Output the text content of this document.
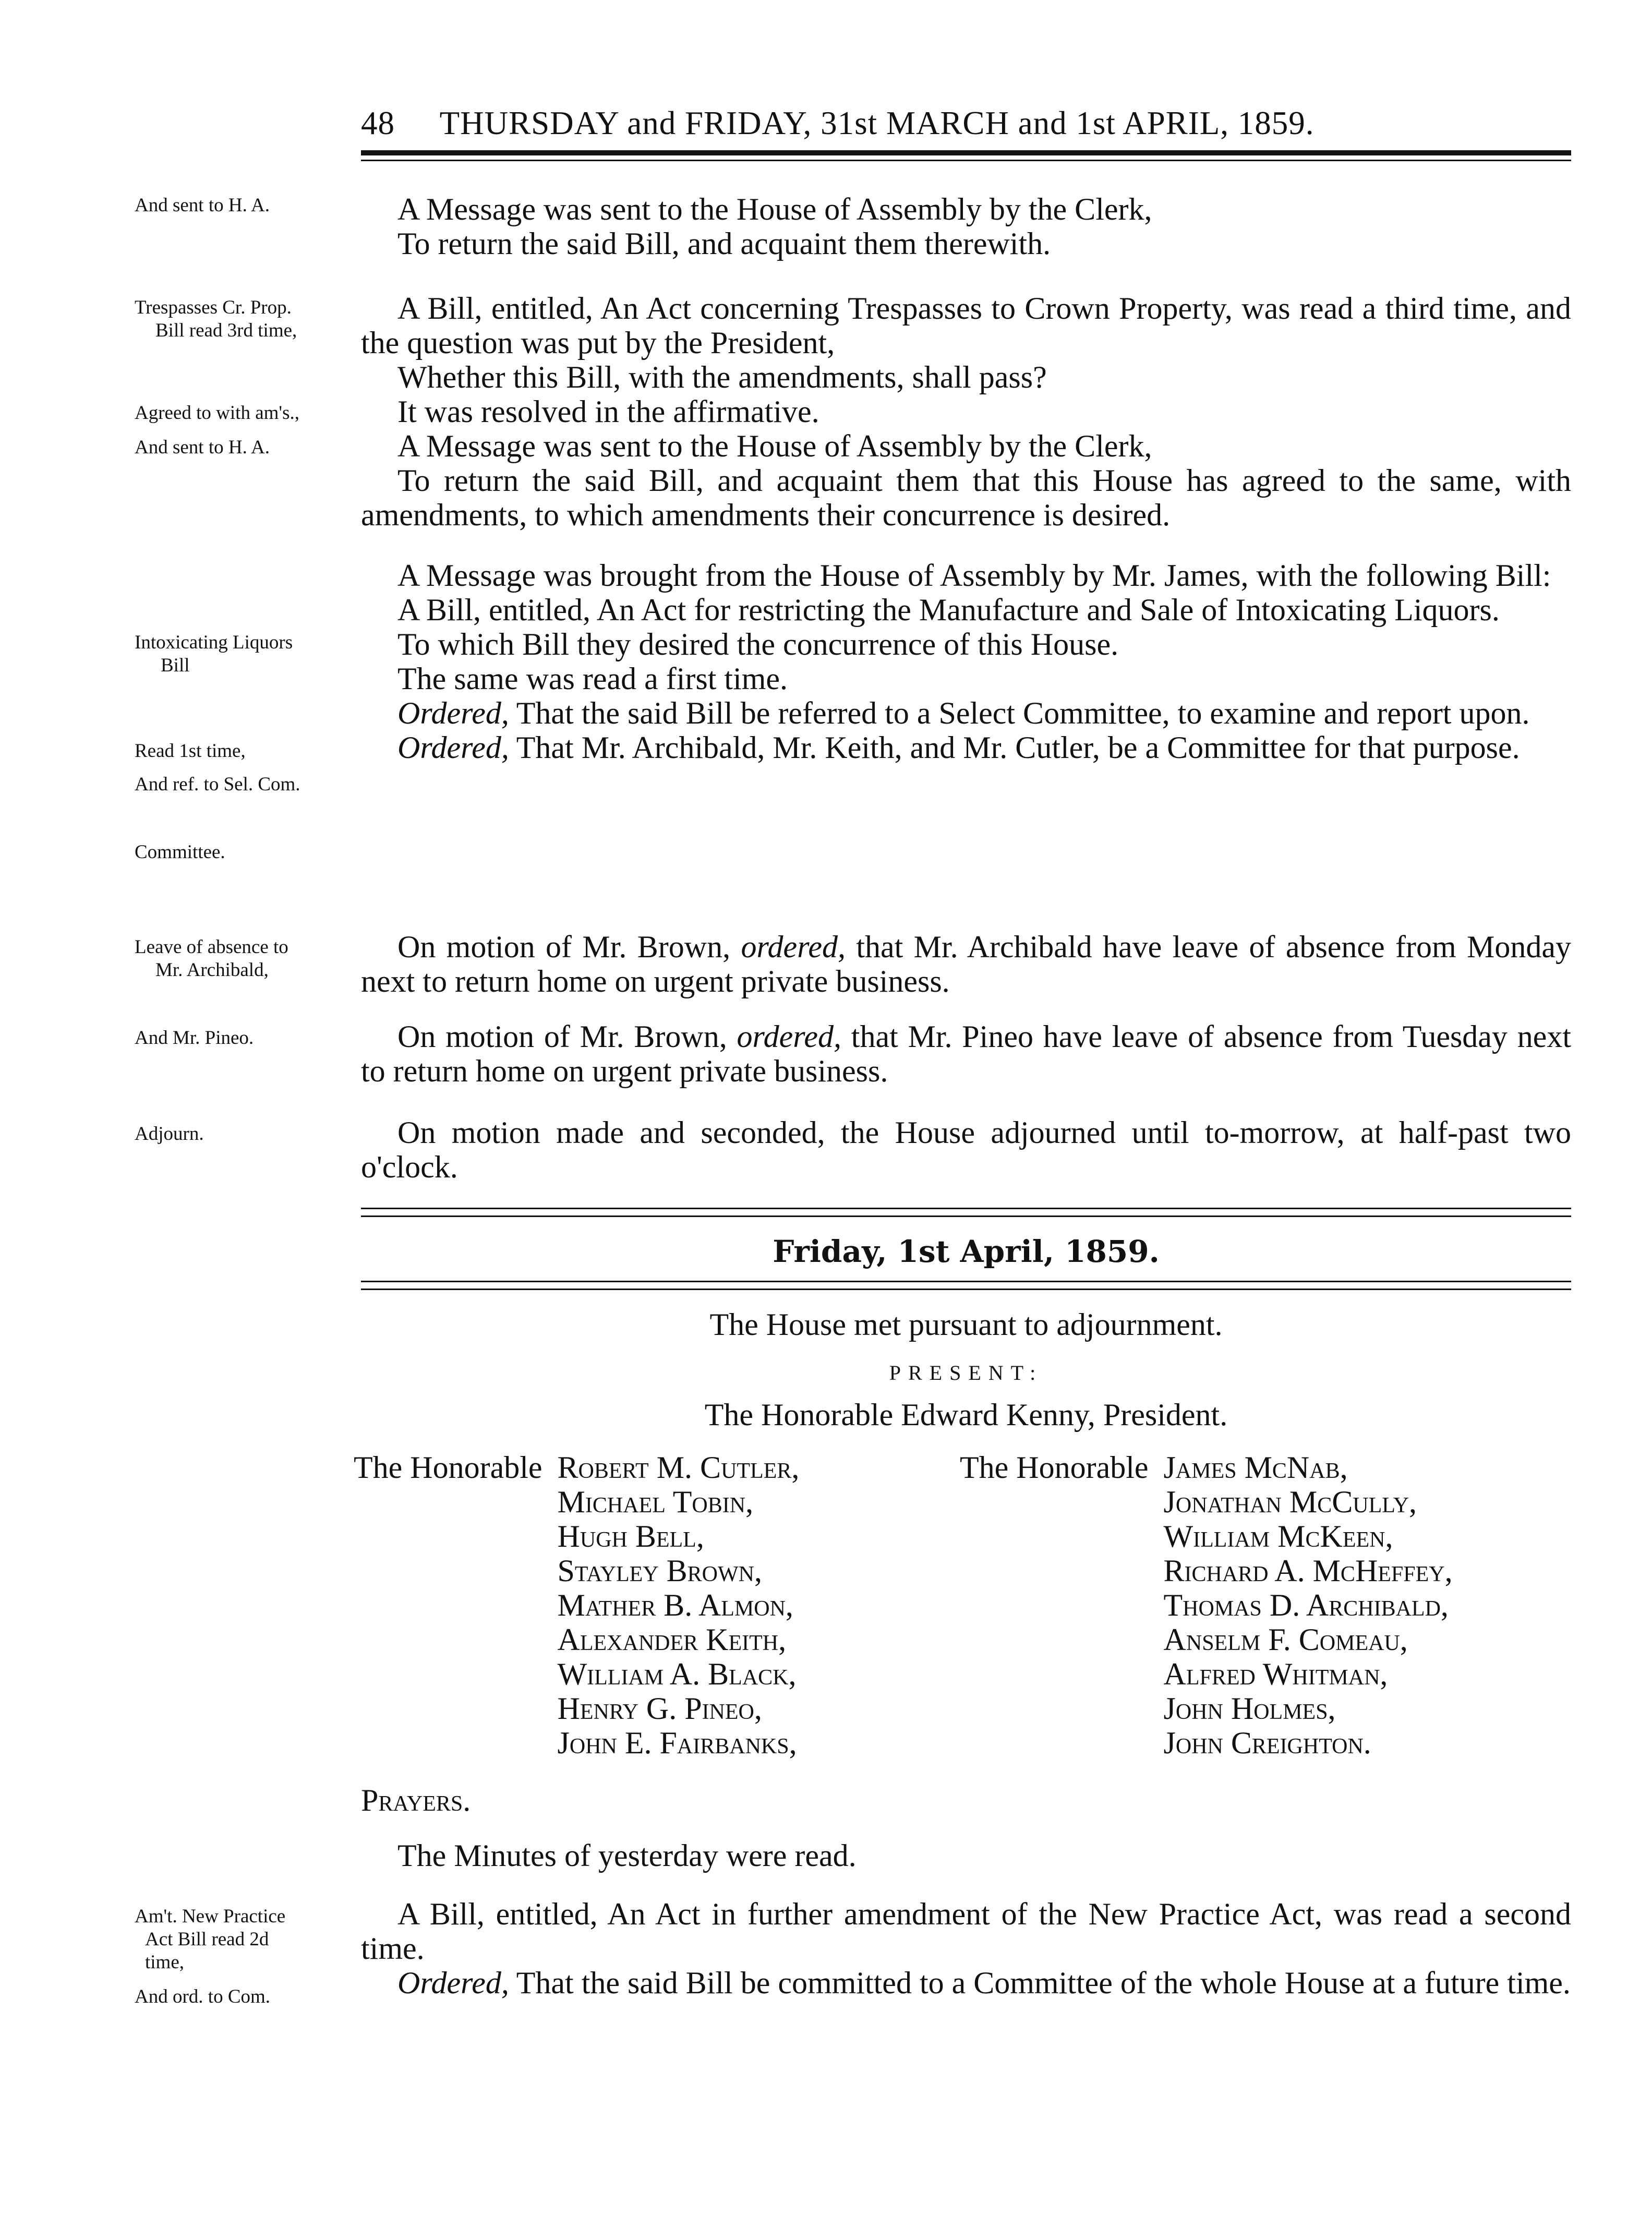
48 THURSDAY and FRIDAY, 31st MARCH and 1st APRIL, 1859.
And sent to H. A.	A Message was sent to the House of Assembly by the Clerk,

To return the said Bill, and acquaint them therewith.

Trespasses Cr. Prop.
Bill read 3rd time,

A Bill, entitled, An Act concerning Trespasses to Crown Property, was read a third time, and the question was put by the President,

Whether this Bill, with the amendments, shall pass?

It was resolved in the affirmative.

A Message was sent to the House of Assembly by the Clerk,

To return the said Bill, and acquaint them that this House has agreed to the same, with amendments, to which amendments their concurrence is desired.

Agreed to with am's.,
And sent to H. A.

A Message was brought from the House of Assembly by Mr. James, with the following Bill:

A Bill, entitled, An Act for restricting the Manufacture and Sale of Intoxicating Liquors.

To which Bill they desired the concurrence of this House.

The same was read a first time.

Ordered, That the said Bill be referred to a Select Committee, to examine and report upon.

Ordered, That Mr. Archibald, Mr. Keith, and Mr. Cutler, be a Committee for that purpose.

Intoxicating Liquors
Bill
Read 1st time,
And ref. to Sel. Com.
Committee.

On motion of Mr. Brown, ordered, that Mr. Archibald have leave of absence from Monday next to return home on urgent private business.

Leave of absence to
Mr. Archibald,

On motion of Mr. Brown, ordered, that Mr. Pineo have leave of absence from Tuesday next to return home on urgent private business.

And Mr. Pineo.

On motion made and seconded, the House adjourned until to-morrow, at half-past two o'clock.

Adjourn.
Friday, 1st April, 1859.
The House met pursuant to adjournment.
PRESENT:
The Honorable Edward Kenny, President.
The Honorable Robert M. Cutler,
Michael Tobin,
Hugh Bell,
Stayley Brown,
Mather B. Almon,
Alexander Keith,
William A. Black,
Henry G. Pineo,
John E. Fairbanks,
The Honorable James McNab,
Jonathan McCully,
William McKeen,
Richard A. McHeffey,
Thomas D. Archibald,
Anselm F. Comeau,
Alfred Whitman,
John Holmes,
John Creighton.
Prayers.

The Minutes of yesterday were read.

A Bill, entitled, An Act in further amendment of the New Practice Act, was read a second time.

Ordered, That the said Bill be committed to a Committee of the whole House at a future time.

Am't. New Practice
Act Bill read 2d
time,
And ord. to Com.
